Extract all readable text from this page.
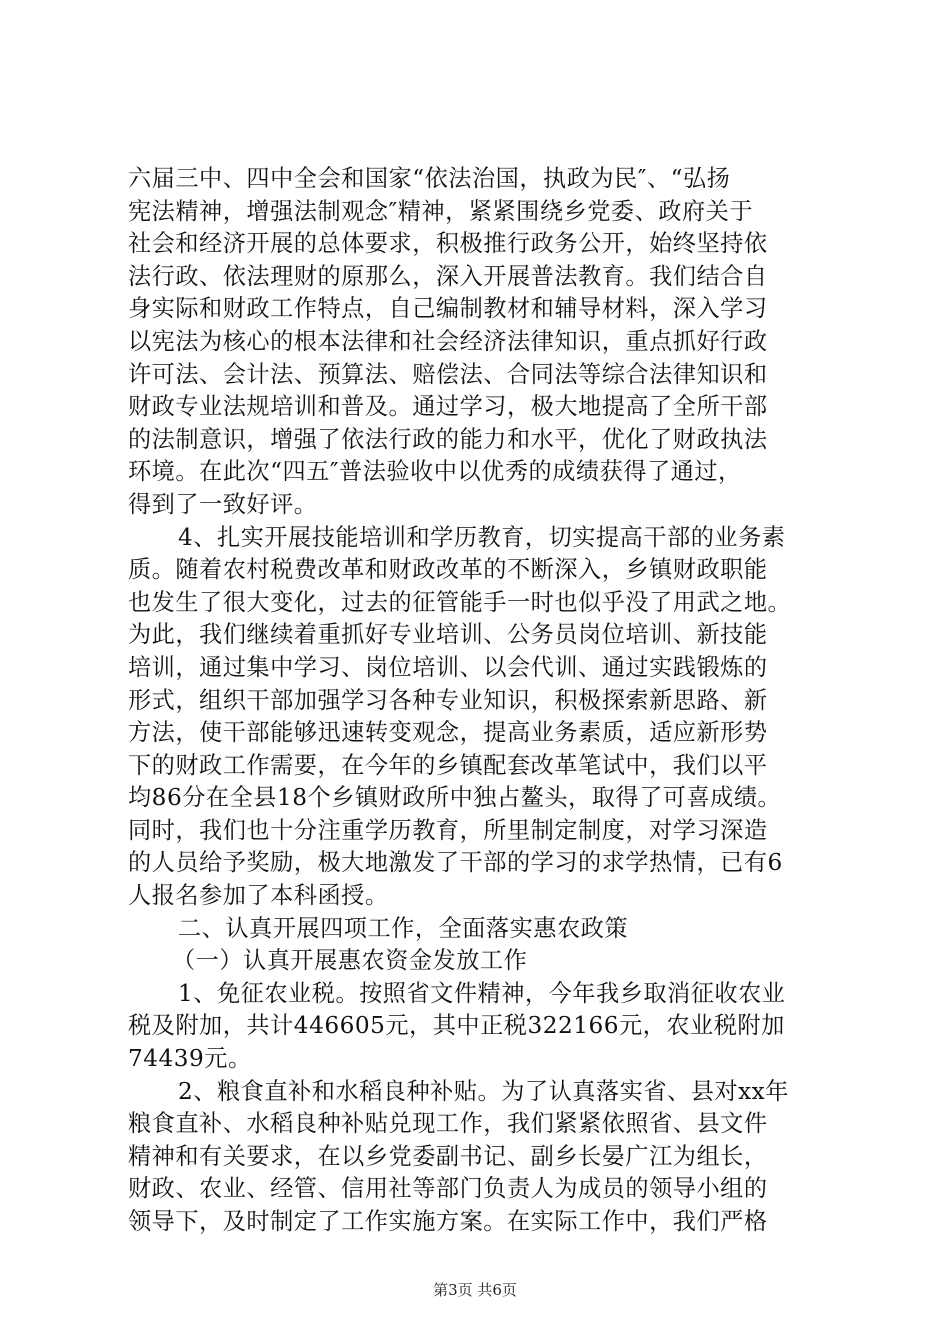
六届三中、四中全会和国家“依法治国，执政为民″、“弘扬
宪法精神，增强法制观念″精神，紧紧围绕乡党委、政府关于
社会和经济开展的总体要求，积极推行政务公开，始终坚持依
法行政、依法理财的原那么，深入开展普法教育。我们结合自
身实际和财政工作特点，自己编制教材和辅导材料，深入学习
以宪法为核心的根本法律和社会经济法律知识，重点抓好行政
许可法、会计法、预算法、赔偿法、合同法等综合法律知识和
财政专业法规培训和普及。通过学习，极大地提高了全所干部
的法制意识，增强了依法行政的能力和水平，优化了财政执法
环境。在此次“四五″普法验收中以优秀的成绩获得了通过，
得到了一致好评。
4、扎实开展技能培训和学历教育，切实提高干部的业务素
质。随着农村税费改革和财政改革的不断深入，乡镇财政职能
也发生了很大变化，过去的征管能手一时也似乎没了用武之地。
为此，我们继续着重抓好专业培训、公务员岗位培训、新技能
培训，通过集中学习、岗位培训、以会代训、通过实践锻炼的
形式，组织干部加强学习各种专业知识，积极探索新思路、新
方法，使干部能够迅速转变观念，提高业务素质，适应新形势
下的财政工作需要，在今年的乡镇配套改革笔试中，我们以平
均86分在全县18个乡镇财政所中独占鳌头，取得了可喜成绩。
同时，我们也十分注重学历教育，所里制定制度，对学习深造
的人员给予奖励，极大地激发了干部的学习的求学热情，已有6
人报名参加了本科函授。
二、认真开展四项工作，全面落实惠农政策
（一）认真开展惠农资金发放工作
1、免征农业税。按照省文件精神，今年我乡取消征收农业
税及附加，共计446605元，其中正税322166元，农业税附加
74439元。
2、粮食直补和水稻良种补贴。为了认真落实省、县对xx年
粮食直补、水稻良种补贴兑现工作，我们紧紧依照省、县文件
精神和有关要求，在以乡党委副书记、副乡长晏广江为组长，
财政、农业、经管、信用社等部门负责人为成员的领导小组的
领导下，及时制定了工作实施方案。在实际工作中，我们严格
第3页 共6页
